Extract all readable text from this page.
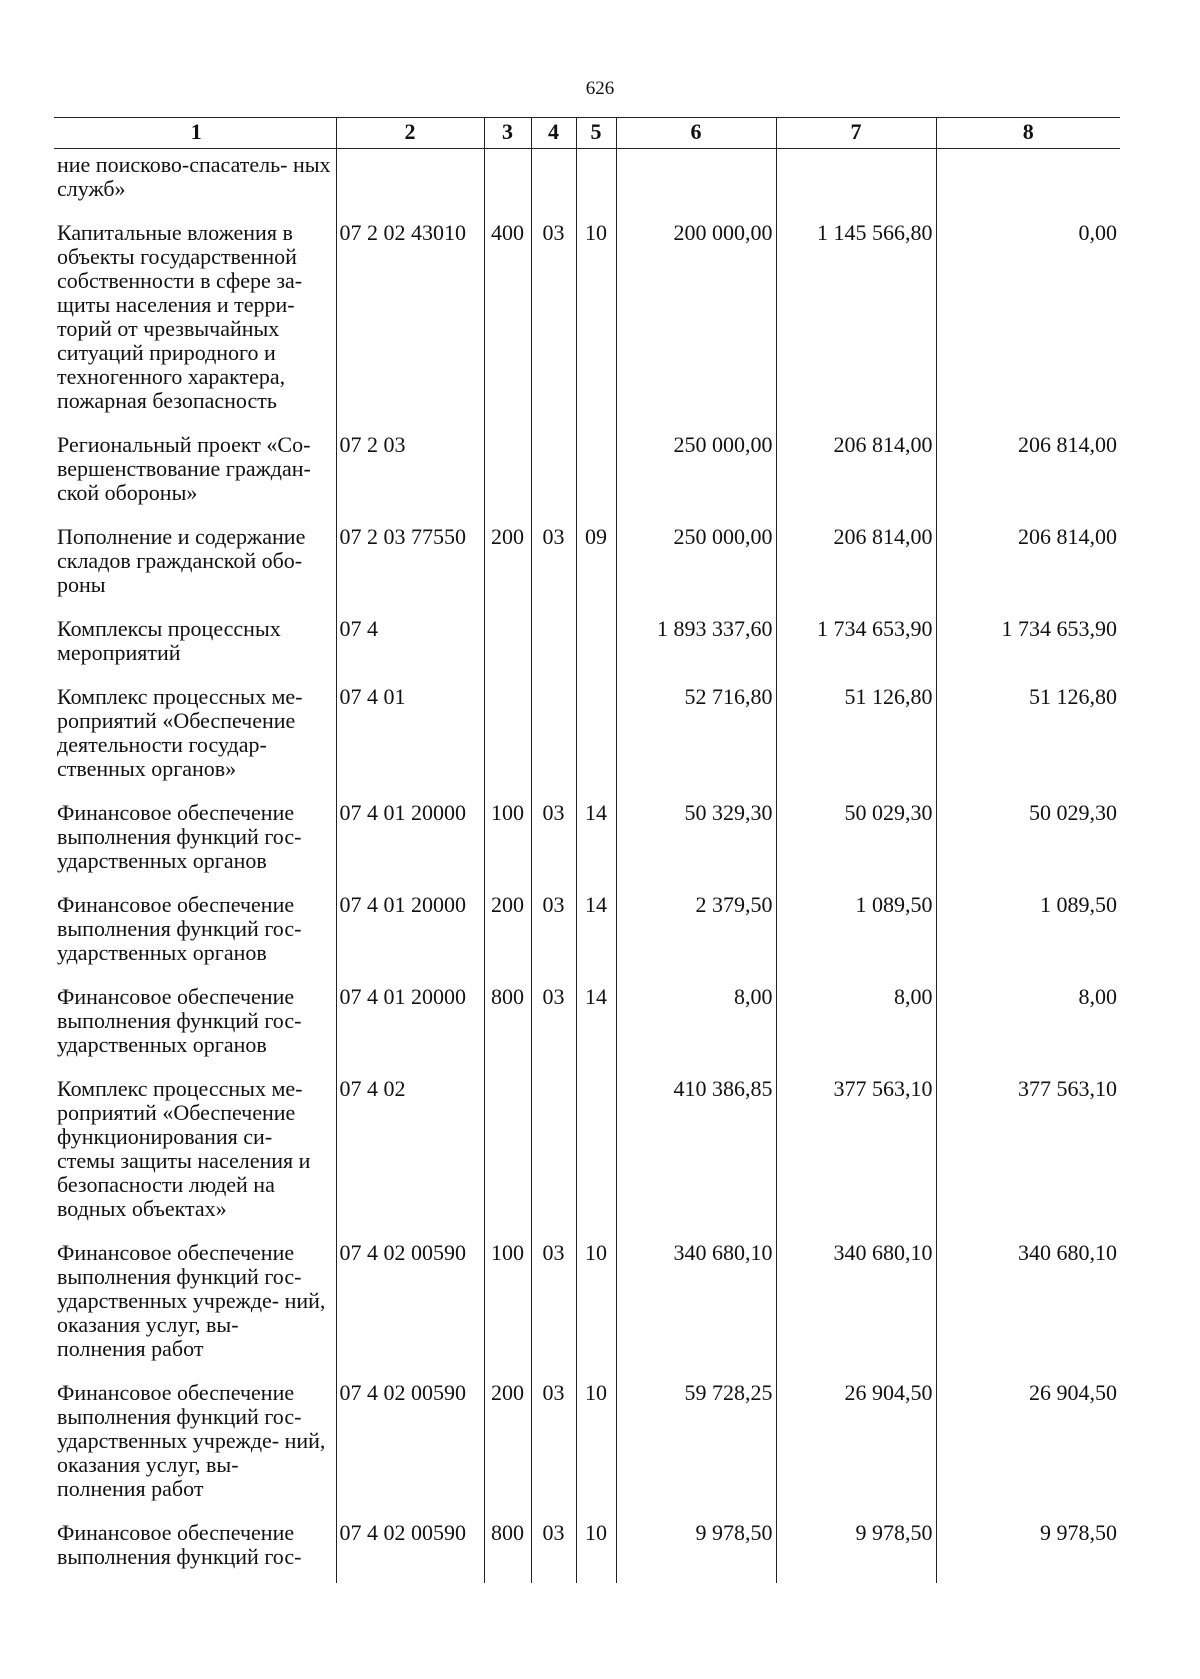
626
1	2	3	4	5	6	7	8
ние поисково-спасатель- ных служб»							
Капитальные вложения в объекты государственной собственности в сфере за- щиты населения и терри- торий от чрезвычайных ситуаций природного и техногенного характера, пожарная безопасность	07 2 02 43010	400	03	10	200 000,00	1 145 566,80	0,00
Региональный проект «Со- вершенствование граждан- ской обороны»	07 2 03				250 000,00	206 814,00	206 814,00
Пополнение и содержание складов гражданской обо- роны	07 2 03 77550	200	03	09	250 000,00	206 814,00	206 814,00
Комплексы процессных мероприятий	07 4				1 893 337,60	1 734 653,90	1 734 653,90
Комплекс процессных ме- роприятий «Обеспечение деятельности государ- ственных органов»	07 4 01				52 716,80	51 126,80	51 126,80
Финансовое обеспечение выполнения функций гос- ударственных органов	07 4 01 20000	100	03	14	50 329,30	50 029,30	50 029,30
Финансовое обеспечение выполнения функций гос- ударственных органов	07 4 01 20000	200	03	14	2 379,50	1 089,50	1 089,50
Финансовое обеспечение выполнения функций гос- ударственных органов	07 4 01 20000	800	03	14	8,00	8,00	8,00
Комплекс процессных ме- роприятий «Обеспечение функционирования си- стемы защиты населения и безопасности людей на водных объектах»	07 4 02				410 386,85	377 563,10	377 563,10
Финансовое обеспечение выполнения функций гос- ударственных учрежде- ний, оказания услуг, вы- полнения работ	07 4 02 00590	100	03	10	340 680,10	340 680,10	340 680,10
Финансовое обеспечение выполнения функций гос- ударственных учрежде- ний, оказания услуг, вы- полнения работ	07 4 02 00590	200	03	10	59 728,25	26 904,50	26 904,50
Финансовое обеспечение выполнения функций гос-	07 4 02 00590	800	03	10	9 978,50	9 978,50	9 978,50
